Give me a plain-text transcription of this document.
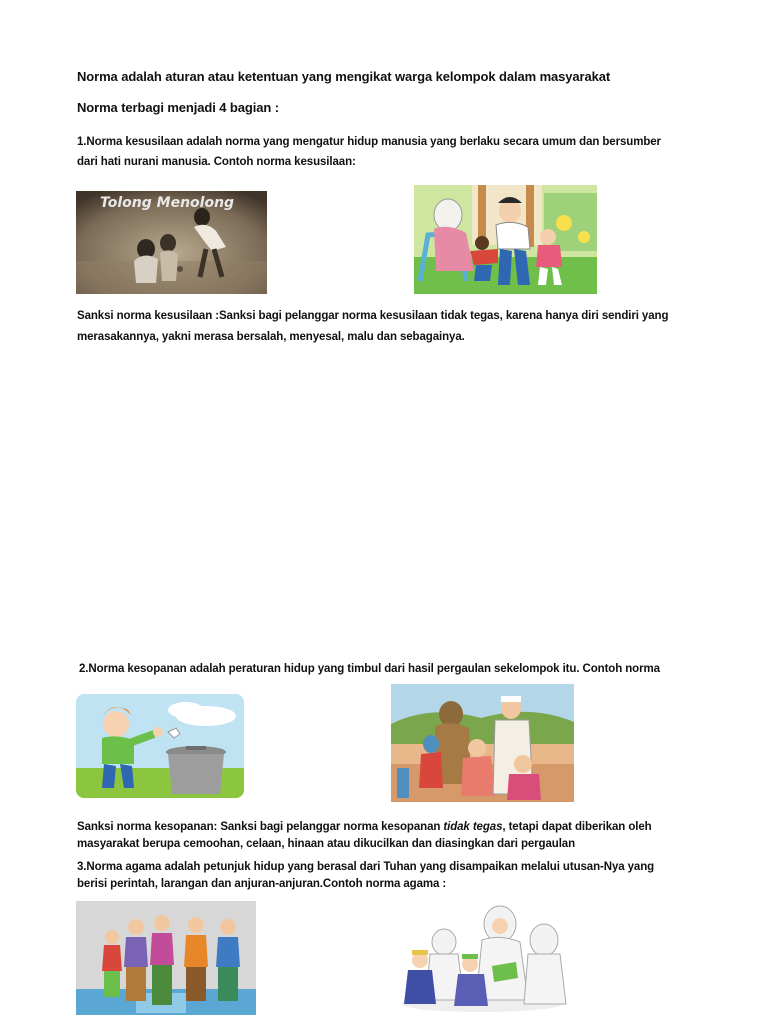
Norma adalah aturan atau ketentuan yang mengikat warga kelompok dalam masyarakat
Norma terbagi menjadi 4 bagian :
1.Norma kesusilaan adalah norma yang mengatur hidup manusia yang berlaku secara umum dan bersumber
dari hati nurani manusia. Contoh norma kesusilaan:
Tolong Menolong
Sanksi norma kesusilaan :Sanksi bagi pelanggar norma kesusilaan tidak tegas, karena hanya diri sendiri yang
merasakannya, yakni merasa bersalah, menyesal, malu dan sebagainya.
2.Norma kesopanan adalah peraturan hidup yang timbul dari hasil pergaulan sekelompok itu. Contoh norma
Sanksi norma kesopanan: Sanksi bagi pelanggar norma kesopanan tidak tegas, tetapi dapat diberikan oleh
masyarakat berupa cemoohan, celaan, hinaan atau dikucilkan dan diasingkan dari pergaulan
3.Norma agama adalah petunjuk hidup yang berasal dari Tuhan yang disampaikan melalui utusan-Nya yang
berisi perintah, larangan dan anjuran-anjuran.Contoh norma agama :
